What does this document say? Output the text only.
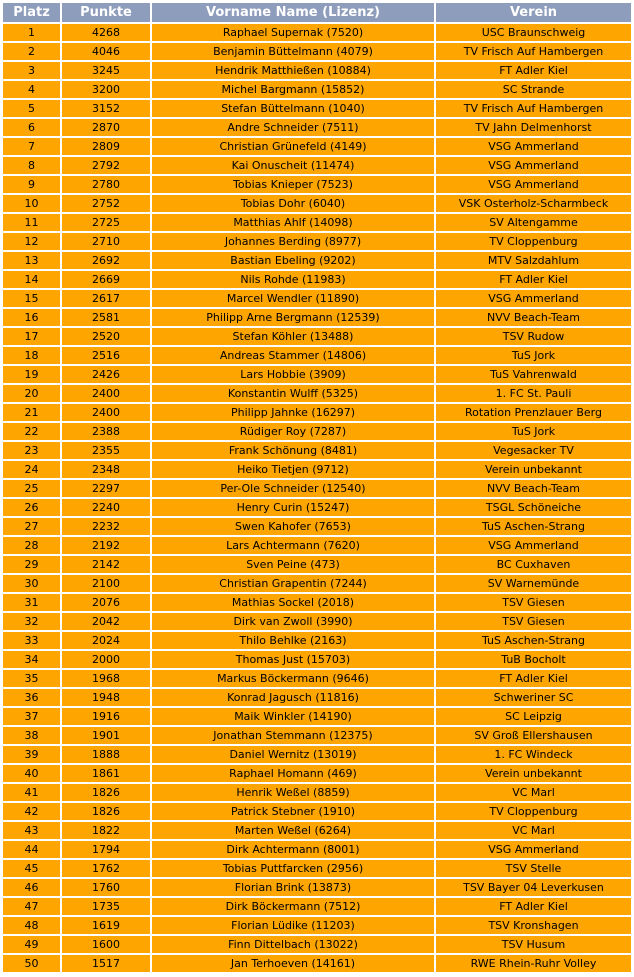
Platz	Punkte	Vorname Name (Lizenz)	Verein
1	4268	Raphael Supernak (7520)	USC Braunschweig
2	4046	Benjamin Büttelmann (4079)	TV Frisch Auf Hambergen
3	3245	Hendrik Matthießen (10884)	FT Adler Kiel
4	3200	Michel Bargmann (15852)	SC Strande
5	3152	Stefan Büttelmann (1040)	TV Frisch Auf Hambergen
6	2870	Andre Schneider (7511)	TV Jahn Delmenhorst
7	2809	Christian Grünefeld (4149)	VSG Ammerland
8	2792	Kai Onuscheit (11474)	VSG Ammerland
9	2780	Tobias Knieper (7523)	VSG Ammerland
10	2752	Tobias Dohr (6040)	VSK Osterholz-Scharmbeck
11	2725	Matthias Ahlf (14098)	SV Altengamme
12	2710	Johannes Berding (8977)	TV Cloppenburg
13	2692	Bastian Ebeling (9202)	MTV Salzdahlum
14	2669	Nils Rohde (11983)	FT Adler Kiel
15	2617	Marcel Wendler (11890)	VSG Ammerland
16	2581	Philipp Arne Bergmann (12539)	NVV Beach-Team
17	2520	Stefan Köhler (13488)	TSV Rudow
18	2516	Andreas Stammer (14806)	TuS Jork
19	2426	Lars Hobbie (3909)	TuS Vahrenwald
20	2400	Konstantin Wulff (5325)	1. FC St. Pauli
21	2400	Philipp Jahnke (16297)	Rotation Prenzlauer Berg
22	2388	Rüdiger Roy (7287)	TuS Jork
23	2355	Frank Schönung (8481)	Vegesacker TV
24	2348	Heiko Tietjen (9712)	Verein unbekannt
25	2297	Per-Ole Schneider (12540)	NVV Beach-Team
26	2240	Henry Curin (15247)	TSGL Schöneiche
27	2232	Swen Kahofer (7653)	TuS Aschen-Strang
28	2192	Lars Achtermann (7620)	VSG Ammerland
29	2142	Sven Peine (473)	BC Cuxhaven
30	2100	Christian Grapentin (7244)	SV Warnemünde
31	2076	Mathias Sockel (2018)	TSV Giesen
32	2042	Dirk van Zwoll (3990)	TSV Giesen
33	2024	Thilo Behlke (2163)	TuS Aschen-Strang
34	2000	Thomas Just (15703)	TuB Bocholt
35	1968	Markus Böckermann (9646)	FT Adler Kiel
36	1948	Konrad Jagusch (11816)	Schweriner SC
37	1916	Maik Winkler (14190)	SC Leipzig
38	1901	Jonathan Stemmann (12375)	SV Groß Ellershausen
39	1888	Daniel Wernitz (13019)	1. FC Windeck
40	1861	Raphael Homann (469)	Verein unbekannt
41	1826	Henrik Weßel (8859)	VC Marl
42	1826	Patrick Stebner (1910)	TV Cloppenburg
43	1822	Marten Weßel (6264)	VC Marl
44	1794	Dirk Achtermann (8001)	VSG Ammerland
45	1762	Tobias Puttfarcken (2956)	TSV Stelle
46	1760	Florian Brink (13873)	TSV Bayer 04 Leverkusen
47	1735	Dirk Böckermann (7512)	FT Adler Kiel
48	1619	Florian Lüdike (11203)	TSV Kronshagen
49	1600	Finn Dittelbach (13022)	TSV Husum
50	1517	Jan Terhoeven (14161)	RWE Rhein-Ruhr Volley
